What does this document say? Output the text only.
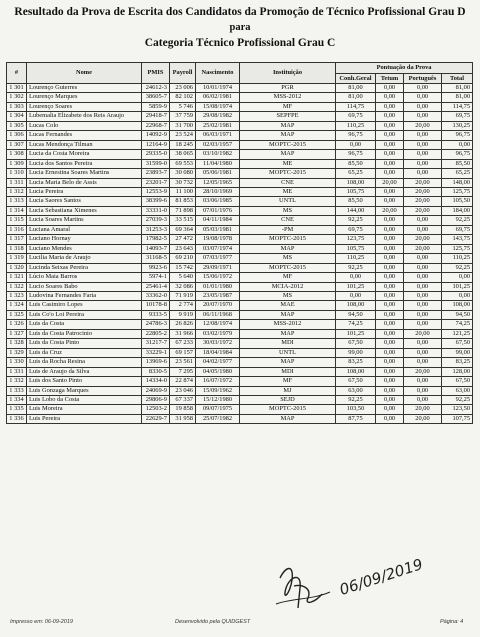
Resultado da Prova de Escrita dos Candidatos da Promoção de Técnico Profissional Grau D
para
Categoria Técnico Profissional Grau C
#	Nome	PMIS	Payroll	Nascimento	Instituição	Pontuação da Prova			
						Conh.Geral	Tetum	Português	Total
1 301	Lourenço Guterres	24612-3	23 006	10/01/1974	PGR	81,00	0,00	0,00	81,00
1 302	Lourenço Marques	38605-7	82 102	06/02/1981	MSS-2012	81,00	0,00	0,00	81,00
1 303	Lourenço Soares	5859-9	5 746	15/08/1974	MF	114,75	0,00	0,00	114,75
1 304	Lubemalia Elizabete dos Reis Araujo	29418-7	37 759	29/08/1982	SEPFPE	69,75	0,00	0,00	69,75
1 305	Lucas Colo	22968-7	31 700	25/02/1981	MAP	110,25	0,00	20,00	130,25
1 306	Lucas Fernandes	14092-9	23 524	06/03/1971	MAP	96,75	0,00	0,00	96,75
1 307	Lucas Mendonça Tilman	12164-9	18 245	02/03/1957	MOPTC-2015	0,00	0,00	0,00	0,00
1 308	Lucia da Costa Moreira	29335-0	38 065	03/10/1982	MAP	96,75	0,00	0,00	96,75
1 309	Lucia dos Santos Pereira	31599-0	69 553	11/04/1980	ME	85,50	0,00	0,00	85,50
1 310	Lucia Ernestina Soares Martins	23893-7	30 080	05/06/1981	MOPTC-2015	65,25	0,00	0,00	65,25
1 311	Lucia Maria Belo de Assis	23201-7	30 732	12/05/1965	CNE	108,00	20,00	20,00	148,00
1 312	Lucia Pereira	12553-9	11 100	28/10/1969	ME	105,75	0,00	20,00	125,75
1 313	Lucia Saores Santos	38399-6	81 853	03/06/1985	UNTL	85,50	0,00	20,00	105,50
1 314	Lucia Sebastiana Ximenes	33331-0	71 898	07/01/1976	MS	144,00	20,00	20,00	184,00
1 315	Lucia Soares Martins	27039-3	33 515	04/11/1984	CNE	92,25	0,00	0,00	92,25
1 316	Luciana Amaral	31253-3	69 364	05/03/1981	-PM	69,75	0,00	0,00	69,75
1 317	Luciano Hornay	17982-5	27 472	19/08/1978	MOPTC-2015	123,75	0,00	20,00	143,75
1 318	Luciano Mendes	14093-7	23 643	03/07/1974	MAP	105,75	0,00	20,00	125,75
1 319	Lucilia Maria de Araujo	31168-5	69 210	07/03/1977	MS	110,25	0,00	0,00	110,25
1 320	Lucinda Seixas Pereira	9923-6	15 742	29/09/1971	MOPTC-2015	92,25	0,00	0,00	92,25
1 321	Lúcio Maia Barros	5974-1	5 640	15/06/1972	MF	0,00	0,00	0,00	0,00
1 322	Lucio Soares Babo	25461-4	32 086	01/01/1980	MCIA-2012	101,25	0,00	0,00	101,25
1 323	Ludovina Fernandes Faria	33362-0	71 919	23/05/1987	MS	0,00	0,00	0,00	0,00
1 324	Luis Casimiro Lopes	10178-8	2 774	20/07/1970	MAE	108,00	0,00	0,00	108,00
1 325	Luis Co'o Loi Pereira	9333-5	9 919	06/11/1968	MAP	94,50	0,00	0,00	94,50
1 326	Luis da Costa	24786-3	26 826	12/08/1974	MSS-2012	74,25	0,00	0,00	74,25
1 327	Luis da Costa Patrocinio	22805-2	31 966	03/02/1979	MAP	101,25	0,00	20,00	121,25
1 328	Luis da Costa Pinto	31217-7	67 233	30/03/1972	MDI	67,50	0,00	0,00	67,50
1 329	Luis da Cruz	33229-1	69 157	18/04/1984	UNTL	99,00	0,00	0,00	99,00
1 330	Luis da Rocha Resina	13969-6	23 561	04/02/1977	MAP	83,25	0,00	0,00	83,25
1 331	Luis de Araujo da Silva	8330-5	7 295	04/05/1980	MDI	108,00	0,00	20,00	128,00
1 332	Luis dos Santo Pinto	14334-0	22 874	16/07/1972	MF	67,50	0,00	0,00	67,50
1 333	Luis Gonzaga Marques	24069-9	23 046	15/09/1962	MJ	63,00	0,00	0,00	63,00
1 334	Luis Lobo da Costa	29806-9	67 337	15/12/1980	SEJD	92,25	0,00	0,00	92,25
1 335	Luis Moreira	12503-2	19 858	09/07/1975	MOPTC-2015	103,50	0,00	20,00	123,50
1 336	Luis Pereira	22629-7	31 958	25/07/1982	MAP	87,75	0,00	20,00	107,75
06/09/2019
Impresso em: 06-09-2019	Desenvolvido pela QUIDGEST	Página: 4
